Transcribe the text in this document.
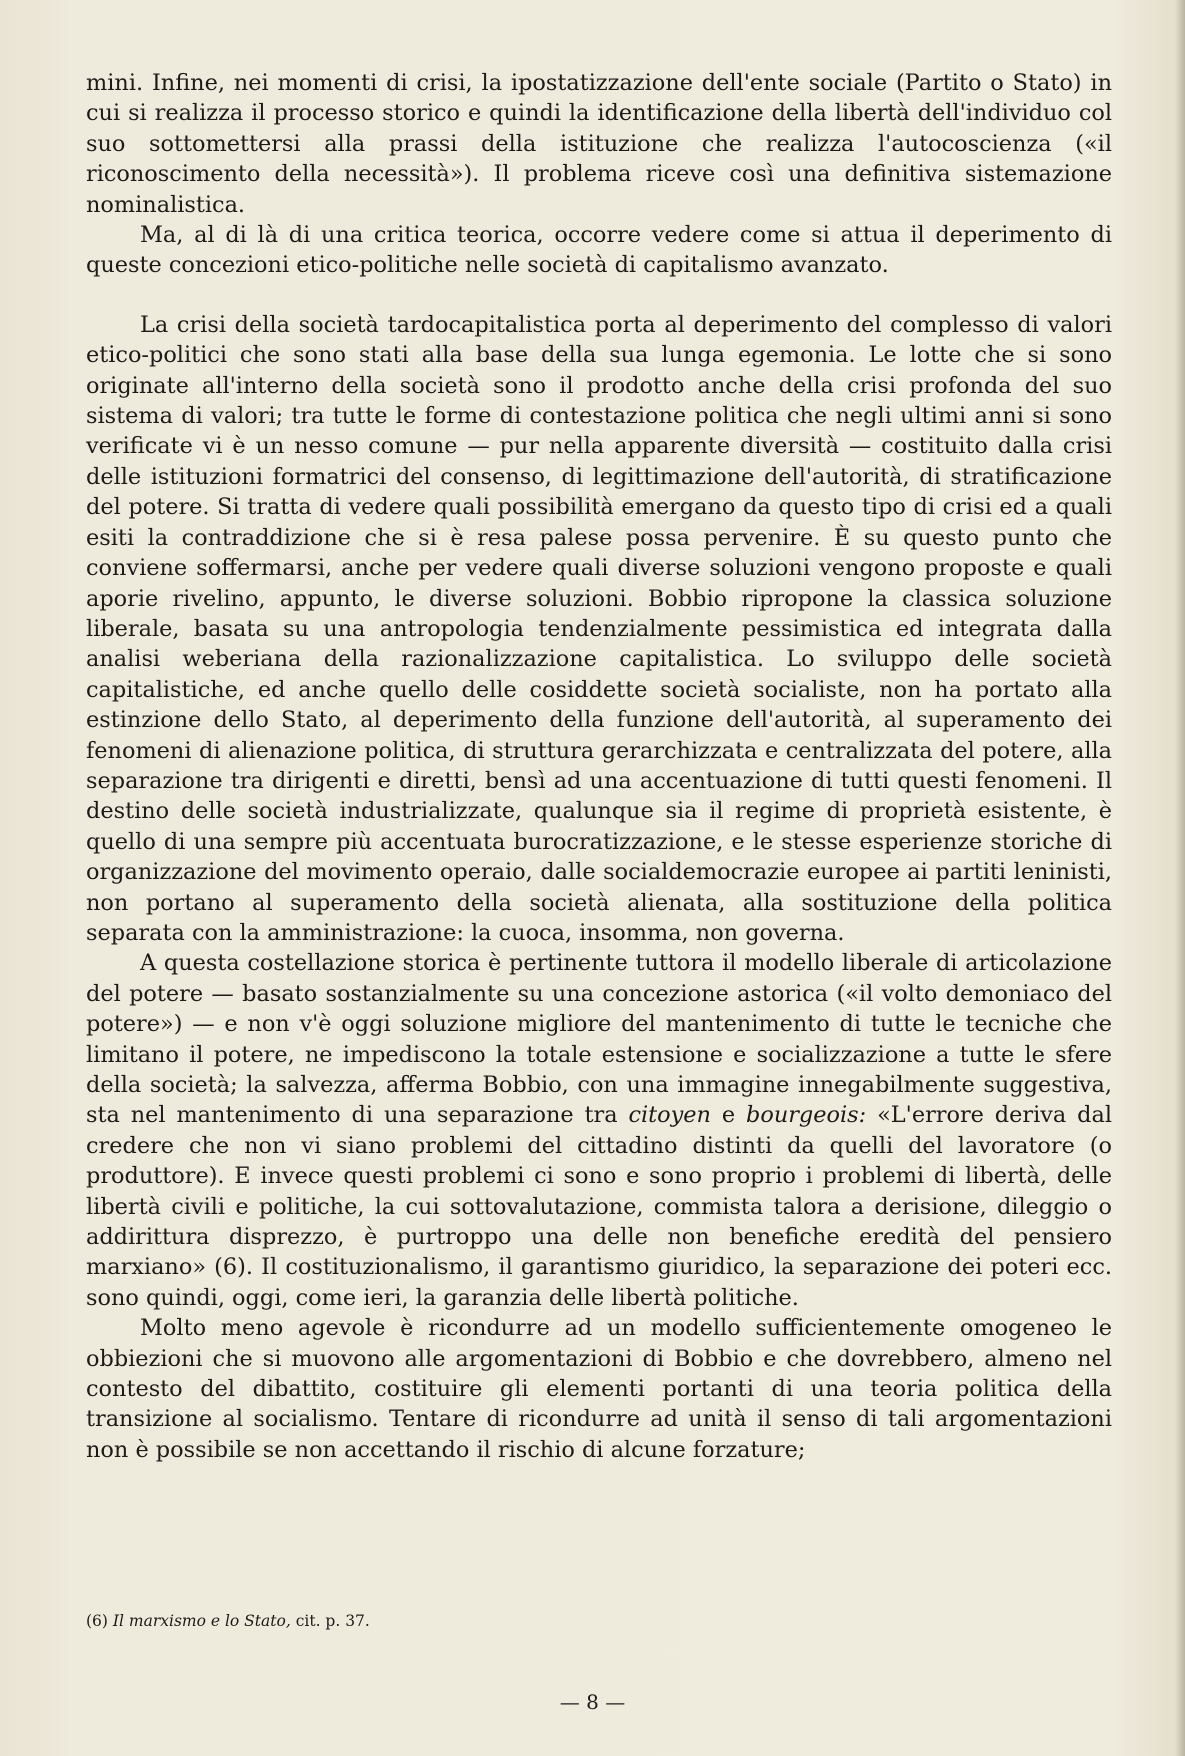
mini. Infine, nei momenti di crisi, la ipostatizzazione dell'ente sociale (Partito o Stato) in cui si realizza il processo storico e quindi la identificazione della libertà dell'individuo col suo sottomettersi alla prassi della istituzione che realizza l'autocoscienza («il riconoscimento della necessità»). Il problema riceve così una definitiva sistemazione nominalistica.

Ma, al di là di una critica teorica, occorre vedere come si attua il deperimento di queste concezioni etico-politiche nelle società di capitalismo avanzato.

La crisi della società tardocapitalistica porta al deperimento del complesso di valori etico-politici che sono stati alla base della sua lunga egemonia. Le lotte che si sono originate all'interno della società sono il prodotto anche della crisi profonda del suo sistema di valori; tra tutte le forme di contestazione politica che negli ultimi anni si sono verificate vi è un nesso comune — pur nella apparente diversità — costituito dalla crisi delle istituzioni formatrici del consenso, di legittimazione dell'autorità, di stratificazione del potere. Si tratta di vedere quali possibilità emergano da questo tipo di crisi ed a quali esiti la contraddizione che si è resa palese possa pervenire. È su questo punto che conviene soffermarsi, anche per vedere quali diverse soluzioni vengono proposte e quali aporie rivelino, appunto, le diverse soluzioni. Bobbio ripropone la classica soluzione liberale, basata su una antropologia tendenzialmente pessimistica ed integrata dalla analisi weberiana della razionalizzazione capitalistica. Lo sviluppo delle società capitalistiche, ed anche quello delle cosiddette società socialiste, non ha portato alla estinzione dello Stato, al deperimento della funzione dell'autorità, al superamento dei fenomeni di alienazione politica, di struttura gerarchizzata e centralizzata del potere, alla separazione tra dirigenti e diretti, bensì ad una accentuazione di tutti questi fenomeni. Il destino delle società industrializzate, qualunque sia il regime di proprietà esistente, è quello di una sempre più accentuata burocratizzazione, e le stesse esperienze storiche di organizzazione del movimento operaio, dalle socialdemocrazie europee ai partiti leninisti, non portano al superamento della società alienata, alla sostituzione della politica separata con la amministrazione: la cuoca, insomma, non governa.

A questa costellazione storica è pertinente tuttora il modello liberale di articolazione del potere — basato sostanzialmente su una concezione astorica («il volto demoniaco del potere») — e non v'è oggi soluzione migliore del mantenimento di tutte le tecniche che limitano il potere, ne impediscono la totale estensione e socializzazione a tutte le sfere della società; la salvezza, afferma Bobbio, con una immagine innegabilmente suggestiva, sta nel mantenimento di una separazione tra citoyen e bourgeois: «L'errore deriva dal credere che non vi siano problemi del cittadino distinti da quelli del lavoratore (o produttore). E invece questi problemi ci sono e sono proprio i problemi di libertà, delle libertà civili e politiche, la cui sottovalutazione, commista talora a derisione, dileggio o addirittura disprezzo, è purtroppo una delle non benefiche eredità del pensiero marxiano» (6). Il costituzionalismo, il garantismo giuridico, la separazione dei poteri ecc. sono quindi, oggi, come ieri, la garanzia delle libertà politiche.

Molto meno agevole è ricondurre ad un modello sufficientemente omogeneo le obbiezioni che si muovono alle argomentazioni di Bobbio e che dovrebbero, almeno nel contesto del dibattito, costituire gli elementi portanti di una teoria politica della transizione al socialismo. Tentare di ricondurre ad unità il senso di tali argomentazioni non è possibile se non accettando il rischio di alcune forzature;

(6) Il marxismo e lo Stato, cit. p. 37.
— 8 —
